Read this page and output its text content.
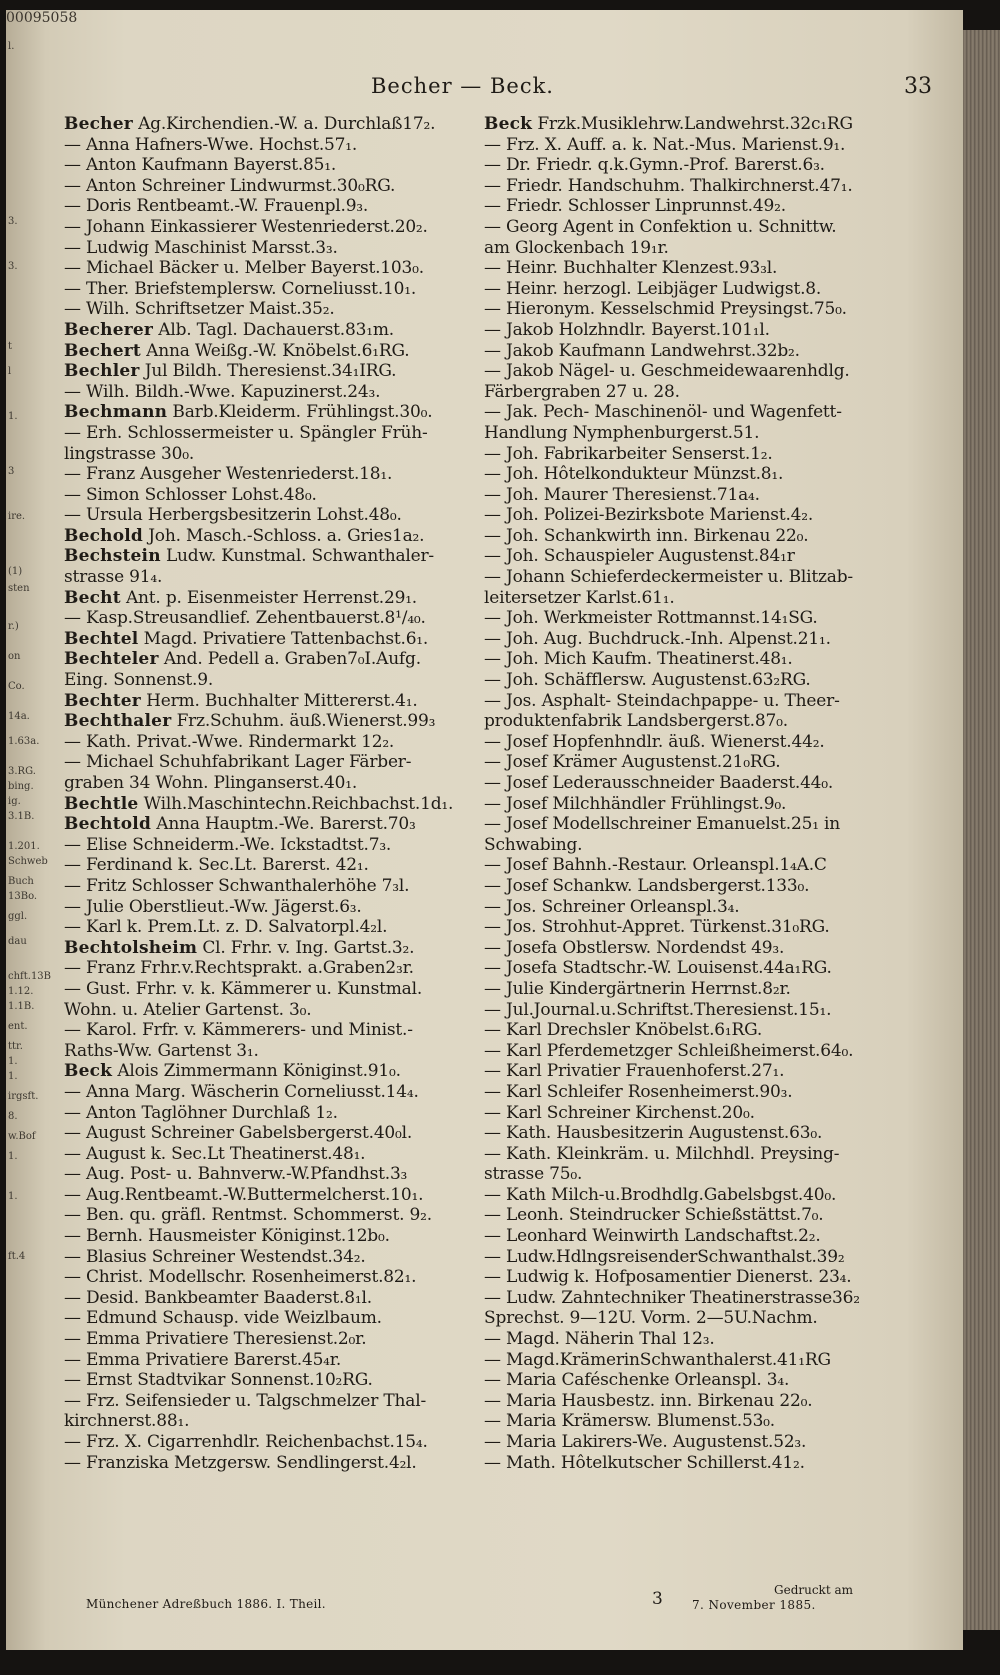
00095058
l.
3.
3.
t
l
1.
3
ire.
(1)
sten
r.)
on
Co.
14a.
1.63a.
3.RG.
bing.
ig.
3.1B.
1.201.
Schweb
Buch
13Bo.
ggl.
dau
chft.13B
1.12.
1.1B.
ent.
ttr.
1.
1.
irgsft.
8.
w.Bof
1.
1.
ft.4
Becher — Beck.	33
Becher Ag.Kirchendien.-W. a. Durchlaß17₂.
— Anna Hafners-Wwe. Hochst.57₁.
— Anton Kaufmann Bayerst.85₁.
— Anton Schreiner Lindwurmst.30₀RG.
— Doris Rentbeamt.-W. Frauenpl.9₃.
— Johann Einkassierer Westenriederst.20₂.
— Ludwig Maschinist Marsst.3₃.
— Michael Bäcker u. Melber Bayerst.103₀.
— Ther. Briefstemplersw. Corneliusst.10₁.
— Wilh. Schriftsetzer Maist.35₂.
Becherer Alb. Tagl. Dachauerst.83₁m.
Bechert Anna Weißg.-W. Knöbelst.6₁RG.
Bechler Jul Bildh. Theresienst.34₁IRG.
— Wilh. Bildh.-Wwe. Kapuzinerst.24₃.
Bechmann Barb.Kleiderm. Frühlingst.30₀.
— Erh. Schlossermeister u. Spängler Früh-
lingstrasse 30₀.
— Franz Ausgeher Westenriederst.18₁.
— Simon Schlosser Lohst.48₀.
— Ursula Herbergsbesitzerin Lohst.48₀.
Bechold Joh. Masch.-Schloss. a. Gries1a₂.
Bechstein Ludw. Kunstmal. Schwanthaler-
strasse 91₄.
Becht Ant. p. Eisenmeister Herrenst.29₁.
— Kasp.Streusandlief. Zehentbauerst.8¹/₄₀.
Bechtel Magd. Privatiere Tattenbachst.6₁.
Bechteler And. Pedell a. Graben7₀I.Aufg.
Eing. Sonnenst.9.
Bechter Herm. Buchhalter Mittererst.4₁.
Bechthaler Frz.Schuhm. äuß.Wienerst.99₃
— Kath. Privat.-Wwe. Rindermarkt 12₂.
— Michael Schuhfabrikant Lager Färber-
graben 34 Wohn. Plinganserst.40₁.
Bechtle Wilh.Maschintechn.Reichbachst.1d₁.
Bechtold Anna Hauptm.-We. Barerst.70₃
— Elise Schneiderm.-We. Ickstadtst.7₃.
— Ferdinand k. Sec.Lt. Barerst. 42₁.
— Fritz Schlosser Schwanthalerhöhe 7₃l.
— Julie Oberstlieut.-Ww. Jägerst.6₃.
— Karl k. Prem.Lt. z. D. Salvatorpl.4₂l.
Bechtolsheim Cl. Frhr. v. Ing. Gartst.3₂.
— Franz Frhr.v.Rechtsprakt. a.Graben2₃r.
— Gust. Frhr. v. k. Kämmerer u. Kunstmal.
Wohn. u. Atelier Gartenst. 3₀.
— Karol. Frfr. v. Kämmerers- und Minist.-
Raths-Ww. Gartenst 3₁.
Beck Alois Zimmermann Königinst.91₀.
— Anna Marg. Wäscherin Corneliusst.14₄.
— Anton Taglöhner Durchlaß 1₂.
— August Schreiner Gabelsbergerst.40₀l.
— August k. Sec.Lt Theatinerst.48₁.
— Aug. Post- u. Bahnverw.-W.Pfandhst.3₃
— Aug.Rentbeamt.-W.Buttermelcherst.10₁.
— Ben. qu. gräfl. Rentmst. Schommerst. 9₂.
— Bernh. Hausmeister Königinst.12b₀.
— Blasius Schreiner Westendst.34₂.
— Christ. Modellschr. Rosenheimerst.82₁.
— Desid. Bankbeamter Baaderst.8₁l.
— Edmund Schausp. vide Weizlbaum.
— Emma Privatiere Theresienst.2₀r.
— Emma Privatiere Barerst.45₄r.
— Ernst Stadtvikar Sonnenst.10₂RG.
— Frz. Seifensieder u. Talgschmelzer Thal-
kirchnerst.88₁.
— Frz. X. Cigarrenhdlr. Reichenbachst.15₄.
— Franziska Metzgersw. Sendlingerst.4₂l.
Beck Frzk.Musiklehrw.Landwehrst.32c₁RG
— Frz. X. Auff. a. k. Nat.-Mus. Marienst.9₁.
— Dr. Friedr. q.k.Gymn.-Prof. Barerst.6₃.
— Friedr. Handschuhm. Thalkirchnerst.47₁.
— Friedr. Schlosser Linprunnst.49₂.
— Georg Agent in Confektion u. Schnittw.
am Glockenbach 19₁r.
— Heinr. Buchhalter Klenzest.93₃l.
— Heinr. herzogl. Leibjäger Ludwigst.8.
— Hieronym. Kesselschmid Preysingst.75₀.
— Jakob Holzhndlr. Bayerst.101₁l.
— Jakob Kaufmann Landwehrst.32b₂.
— Jakob Nägel- u. Geschmeidewaarenhdlg.
Färbergraben 27 u. 28.
— Jak. Pech- Maschinenöl- und Wagenfett-
Handlung Nymphenburgerst.51.
— Joh. Fabrikarbeiter Senserst.1₂.
— Joh. Hôtelkondukteur Münzst.8₁.
— Joh. Maurer Theresienst.71a₄.
— Joh. Polizei-Bezirksbote Marienst.4₂.
— Joh. Schankwirth inn. Birkenau 22₀.
— Joh. Schauspieler Augustenst.84₁r
— Johann Schieferdeckermeister u. Blitzab-
leitersetzer Karlst.61₁.
— Joh. Werkmeister Rottmannst.14₁SG.
— Joh. Aug. Buchdruck.-Inh. Alpenst.21₁.
— Joh. Mich Kaufm. Theatinerst.48₁.
— Joh. Schäfflersw. Augustenst.63₂RG.
— Jos. Asphalt- Steindachpappe- u. Theer-
produktenfabrik Landsbergerst.87₀.
— Josef Hopfenhndlr. äuß. Wienerst.44₂.
— Josef Krämer Augustenst.21₀RG.
— Josef Lederausschneider Baaderst.44₀.
— Josef Milchhändler Frühlingst.9₀.
— Josef Modellschreiner Emanuelst.25₁ in
Schwabing.
— Josef Bahnh.-Restaur. Orleanspl.1₄A.C
— Josef Schankw. Landsbergerst.133₀.
— Jos. Schreiner Orleanspl.3₄.
— Jos. Strohhut-Appret. Türkenst.31₀RG.
— Josefa Obstlersw. Nordendst 49₃.
— Josefa Stadtschr.-W. Louisenst.44a₁RG.
— Julie Kindergärtnerin Herrnst.8₂r.
— Jul.Journal.u.Schriftst.Theresienst.15₁.
— Karl Drechsler Knöbelst.6₁RG.
— Karl Pferdemetzger Schleißheimerst.64₀.
— Karl Privatier Frauenhoferst.27₁.
— Karl Schleifer Rosenheimerst.90₃.
— Karl Schreiner Kirchenst.20₀.
— Kath. Hausbesitzerin Augustenst.63₀.
— Kath. Kleinkräm. u. Milchhdl. Preysing-
strasse 75₀.
— Kath Milch-u.Brodhdlg.Gabelsbgst.40₀.
— Leonh. Steindrucker Schießstättst.7₀.
— Leonhard Weinwirth Landschaftst.2₂.
— Ludw.HdlngsreisenderSchwanthalst.39₂
— Ludwig k. Hofposamentier Dienerst. 23₄.
— Ludw. Zahntechniker Theatinerstrasse36₂
Sprechst. 9—12U. Vorm. 2—5U.Nachm.
— Magd. Näherin Thal 12₃.
— Magd.KrämerinSchwanthalerst.41₁RG
— Maria Caféschenke Orleanspl. 3₄.
— Maria Hausbestz. inn. Birkenau 22₀.
— Maria Krämersw. Blumenst.53₀.
— Maria Lakirers-We. Augustenst.52₃.
— Math. Hôtelkutscher Schillerst.41₂.
Münchener Adreßbuch 1886. I. Theil.	3	Gedruckt am
7. November 1885.
